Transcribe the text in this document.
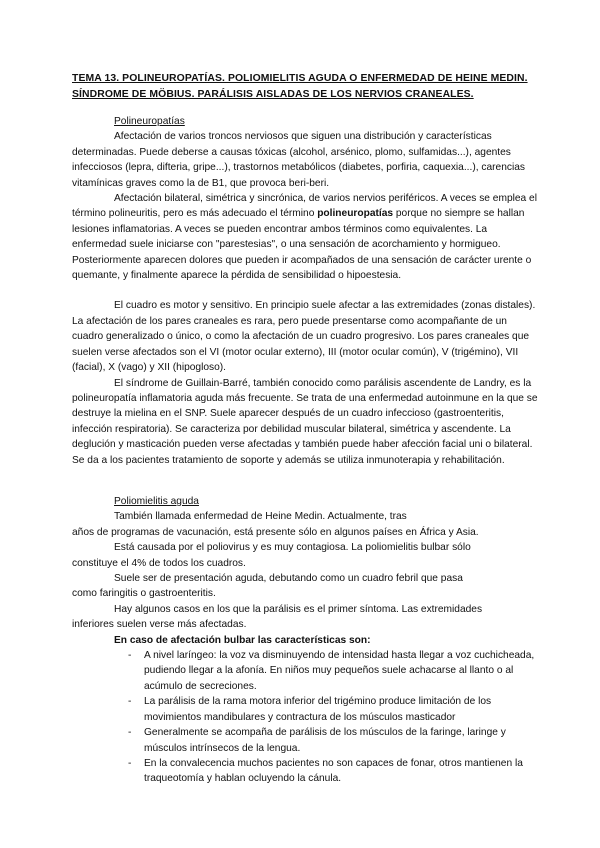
TEMA 13. POLINEUROPATÍAS. POLIOMIELITIS AGUDA O ENFERMEDAD DE HEINE MEDIN. SÍNDROME DE MÖBIUS. PARÁLISIS AISLADAS DE LOS NERVIOS CRANEALES.
Polineuropatías

Afectación de varios troncos nerviosos que siguen una distribución y características determinadas. Puede deberse a causas tóxicas (alcohol, arsénico, plomo, sulfamidas...), agentes infecciosos (lepra, difteria, gripe...), trastornos metabólicos (diabetes, porfiria, caquexia...), carencias vitamínicas graves como la de B1, que provoca beri-beri.

Afectación bilateral, simétrica y sincrónica, de varios nervios periféricos. A veces se emplea el término polineuritis, pero es más adecuado el término polineuropatías porque no siempre se hallan lesiones inflamatorias. A veces se pueden encontrar ambos términos como equivalentes. La enfermedad suele iniciarse con "parestesias", o una sensación de acorchamiento y hormigueo. Posteriormente aparecen dolores que pueden ir acompañados de una sensación de carácter urente o quemante, y finalmente aparece la pérdida de sensibilidad o hipoestesia.

El cuadro es motor y sensitivo. En principio suele afectar a las extremidades (zonas distales). La afectación de los pares craneales es rara, pero puede presentarse como acompañante de un cuadro generalizado o único, o como la afectación de un cuadro progresivo. Los pares craneales que suelen verse afectados son el VI (motor ocular externo), III (motor ocular común), V (trigémino), VII (facial), X (vago) y XII (hipogloso).

El síndrome de Guillain-Barré, también conocido como parálisis ascendente de Landry, es la polineuropatía inflamatoria aguda más frecuente. Se trata de una enfermedad autoinmune en la que se destruye la mielina en el SNP. Suele aparecer después de un cuadro infeccioso (gastroenteritis, infección respiratoria). Se caracteriza por debilidad muscular bilateral, simétrica y ascendente. La deglución y masticación pueden verse afectadas y también puede haber afección facial uni o bilateral. Se da a los pacientes tratamiento de soporte y además se utiliza inmunoterapia y rehabilitación.

Poliomielitis aguda

También llamada enfermedad de Heine Medin. Actualmente, tras

años de programas de vacunación, está presente sólo en algunos países en África y Asia.

Está causada por el poliovirus y es muy contagiosa. La poliomielitis bulbar sólo

constituye el 4% de todos los cuadros.

Suele ser de presentación aguda, debutando como un cuadro febril que pasa

como faringitis o gastroenteritis.

Hay algunos casos en los que la parálisis es el primer síntoma. Las extremidades

inferiores suelen verse más afectadas.

En caso de afectación bulbar las características son:
- A nivel laríngeo: la voz va disminuyendo de intensidad hasta llegar a voz cuchicheada, pudiendo llegar a la afonía. En niños muy pequeños suele achacarse al llanto o al acúmulo de secreciones.
- La parálisis de la rama motora inferior del trigémino produce limitación de los movimientos mandibulares y contractura de los músculos masticador
- Generalmente se acompaña de parálisis de los músculos de la faringe, laringe y músculos intrínsecos de la lengua.
- En la convalecencia muchos pacientes no son capaces de fonar, otros mantienen la traqueotomía y hablan ocluyendo la cánula.
